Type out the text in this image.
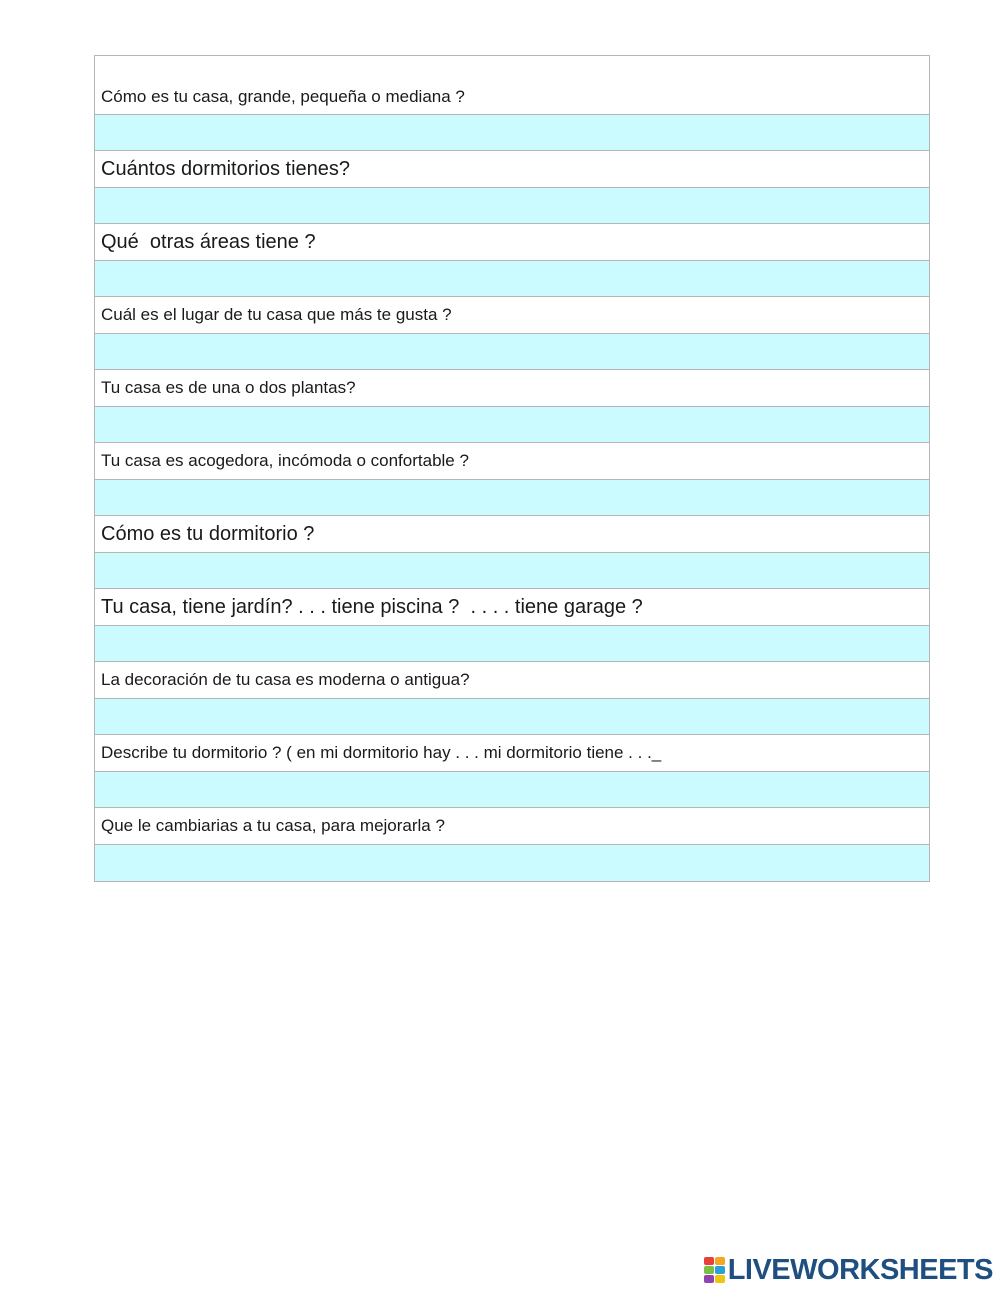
Cómo es tu casa, grande, pequeña o mediana ?
Cuántos dormitorios tienes?
Qué  otras áreas tiene ?
Cuál es el lugar de tu casa que más te gusta ?
Tu casa es de una o dos plantas?
Tu casa es acogedora, incómoda o confortable ?
Cómo es tu dormitorio ?
Tu casa, tiene jardín? . . . tiene piscina ?  . . . . tiene garage ?
La decoración de tu casa es moderna o antigua?
Describe tu dormitorio ? ( en mi dormitorio hay . . . mi dormitorio tiene . . ._
Que le cambiarias a tu casa, para mejorarla ?
LIVEWORKSHEETS
